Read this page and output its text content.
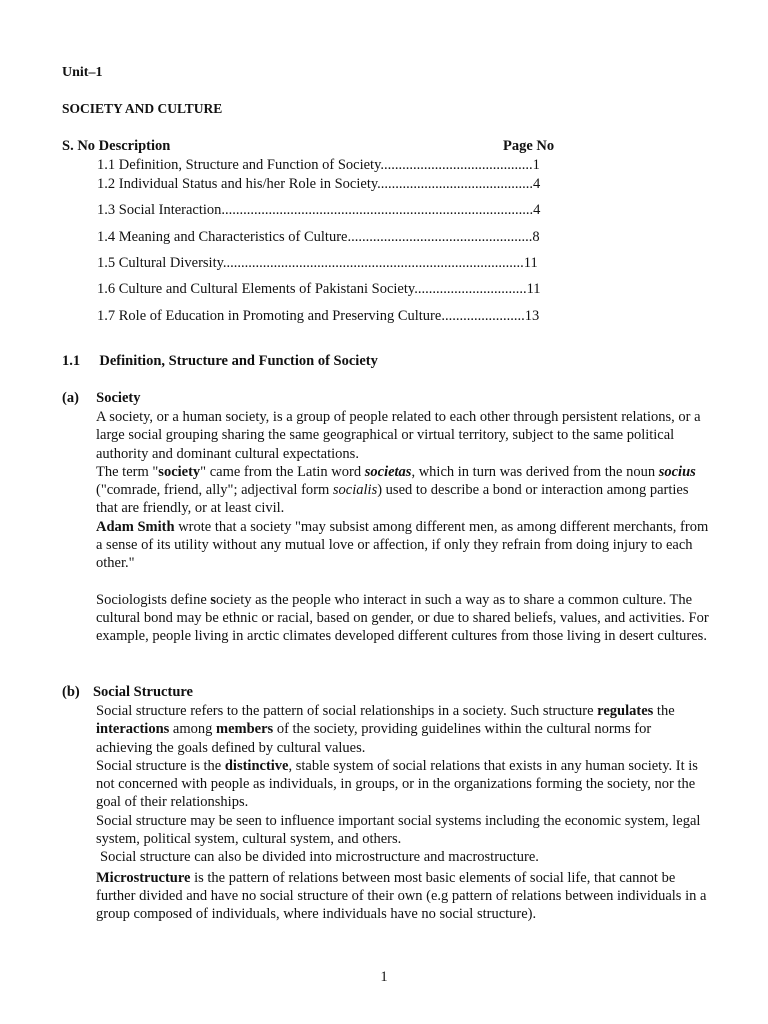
Unit–1
SOCIETY AND CULTURE
S. No Description	Page No
1.1 Definition, Structure and Function of Society..........................................1
1.2 Individual Status and his/her Role in Society...........................................4
1.3 Social Interaction......................................................................................4
1.4 Meaning and Characteristics of Culture...................................................8
1.5 Cultural Diversity...................................................................................11
1.6 Culture and Cultural Elements of Pakistani Society...............................11
1.7 Role of Education in Promoting and Preserving Culture.......................13
1.1 Definition, Structure and Function of Society
(a) Society

A society, or a human society, is a group of people related to each other through persistent relations, or a large social grouping sharing the same geographical or virtual territory, subject to the same political authority and dominant cultural expectations.

The term "society" came from the Latin word societas, which in turn was derived from the noun socius ("comrade, friend, ally"; adjectival form socialis) used to describe a bond or interaction among parties that are friendly, or at least civil.

Adam Smith wrote that a society "may subsist among different men, as among different merchants, from a sense of its utility without any mutual love or affection, if only they refrain from doing injury to each other."

Sociologists define society as the people who interact in such a way as to share a common culture. The cultural bond may be ethnic or racial, based on gender, or due to shared beliefs, values, and activities. For example, people living in arctic climates developed different cultures from those living in desert cultures.

(b) Social Structure

Social structure refers to the pattern of social relationships in a society. Such structure regulates the interactions among members of the society, providing guidelines within the cultural norms for achieving the goals defined by cultural values.

Social structure is the distinctive, stable system of social relations that exists in any human society. It is not concerned with people as individuals, in groups, or in the organizations forming the society, nor the goal of their relationships.

Social structure may be seen to influence important social systems including the economic system, legal system, political system, cultural system, and others.

Social structure can also be divided into microstructure and macrostructure.

Microstructure is the pattern of relations between most basic elements of social life, that cannot be further divided and have no social structure of their own (e.g pattern of relations between individuals in a group composed of individuals, where individuals have no social structure).

1
